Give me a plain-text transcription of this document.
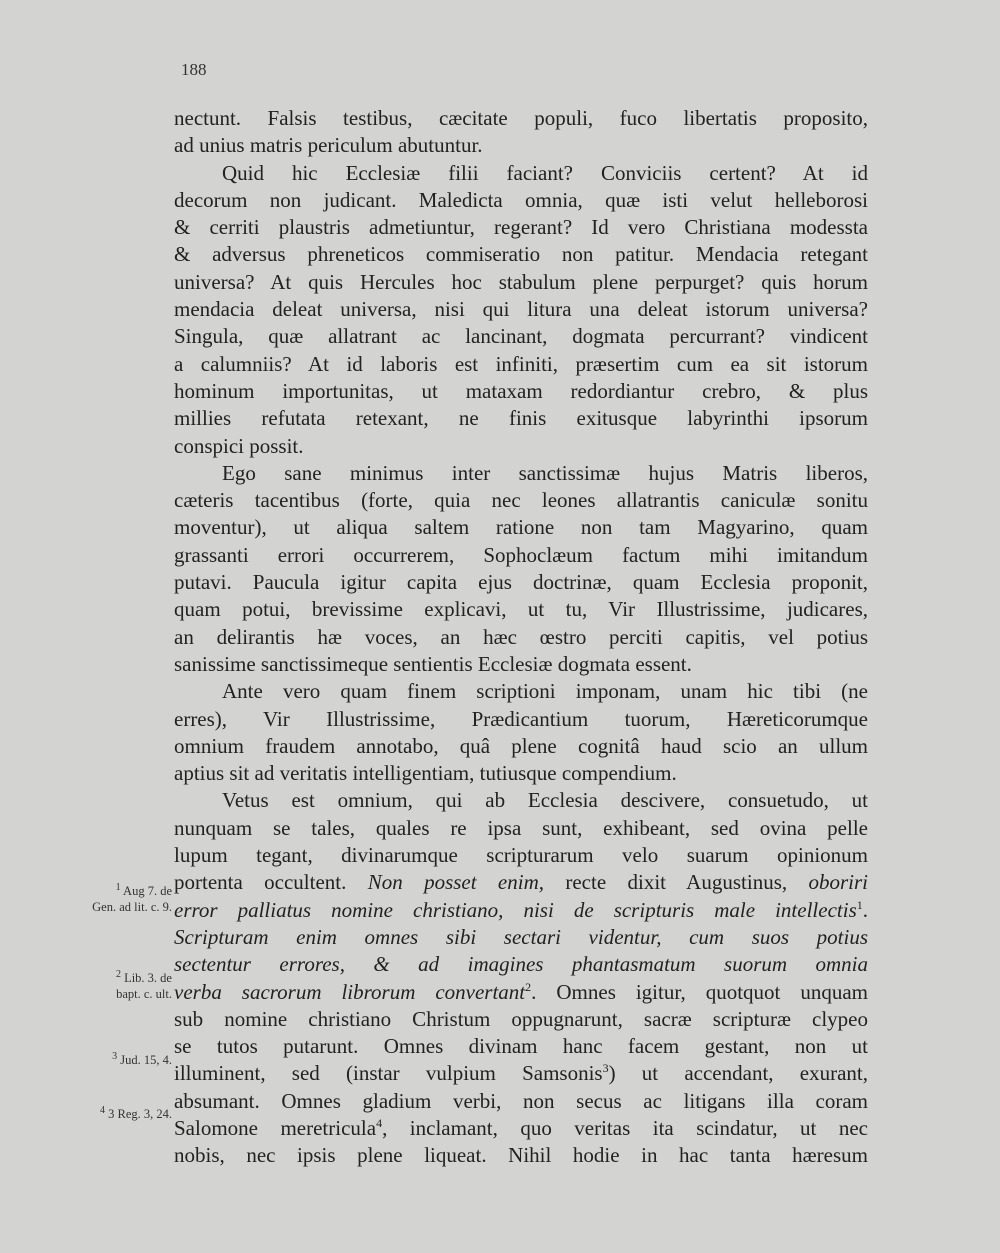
188
nectunt. Falsis testibus, cæcitate populi, fuco libertatis proposito,
ad unius matris periculum abutuntur.
Quid hic Ecclesiæ filii faciant? Conviciis certent? At id
decorum non judicant. Maledicta omnia, quæ isti velut helleborosi
& cerriti plaustris admetiuntur, regerant? Id vero Christiana modessta
& adversus phreneticos commiseratio non patitur. Mendacia retegant
universa? At quis Hercules hoc stabulum plene perpurget? quis horum
mendacia deleat universa, nisi qui litura una deleat istorum universa?
Singula, quæ allatrant ac lancinant, dogmata percurrant? vindicent
a calumniis? At id laboris est infiniti, præsertim cum ea sit istorum
hominum importunitas, ut mataxam redordiantur crebro, & plus
millies refutata retexant, ne finis exitusque labyrinthi ipsorum
conspici possit.
Ego sane minimus inter sanctissimæ hujus Matris liberos,
cæteris tacentibus (forte, quia nec leones allatrantis caniculæ sonitu
moventur), ut aliqua saltem ratione non tam Magyarino, quam
grassanti errori occurrerem, Sophoclæum factum mihi imitandum
putavi. Paucula igitur capita ejus doctrinæ, quam Ecclesia proponit,
quam potui, brevissime explicavi, ut tu, Vir Illustrissime, judicares,
an delirantis hæ voces, an hæc œstro perciti capitis, vel potius
sanissime sanctissimeque sentientis Ecclesiæ dogmata essent.
Ante vero quam finem scriptioni imponam, unam hic tibi (ne
erres), Vir Illustrissime, Prædicantium tuorum, Hæreticorumque
omnium fraudem annotabo, quâ plene cognitâ haud scio an ullum
aptius sit ad veritatis intelligentiam, tutiusque compendium.
Vetus est omnium, qui ab Ecclesia descivere, consuetudo, ut
nunquam se tales, quales re ipsa sunt, exhibeant, sed ovina pelle
lupum tegant, divinarumque scripturarum velo suarum opinionum
portenta occultent. Non posset enim, recte dixit Augustinus, oboriri
error palliatus nomine christiano, nisi de scripturis male intellectis$^1$.
Scripturam enim omnes sibi sectari videntur, cum suos potius
sectentur errores, & ad imagines phantasmatum suorum omnia
verba sacrorum librorum convertant$^2$. Omnes igitur, quotquot unquam
sub nomine christiano Christum oppugnarunt, sacræ scripturæ clypeo
se tutos putarunt. Omnes divinam hanc facem gestant, non ut
illuminent, sed (instar vulpium Samsonis$^3$) ut accendant, exurant,
absumant. Omnes gladium verbi, non secus ac litigans illa coram
Salomone meretricula$^4$, inclamant, quo veritas ita scindatur, ut nec
nobis, nec ipsis plene liqueat. Nihil hodie in hac tanta hæresum
$^1$ Aug 7. de
Gen. ad lit. c. 9.
$^2$ Lib. 3. de
bapt. c. ult.
$^3$ Jud. 15, 4.
$^4$ 3 Reg. 3, 24.
